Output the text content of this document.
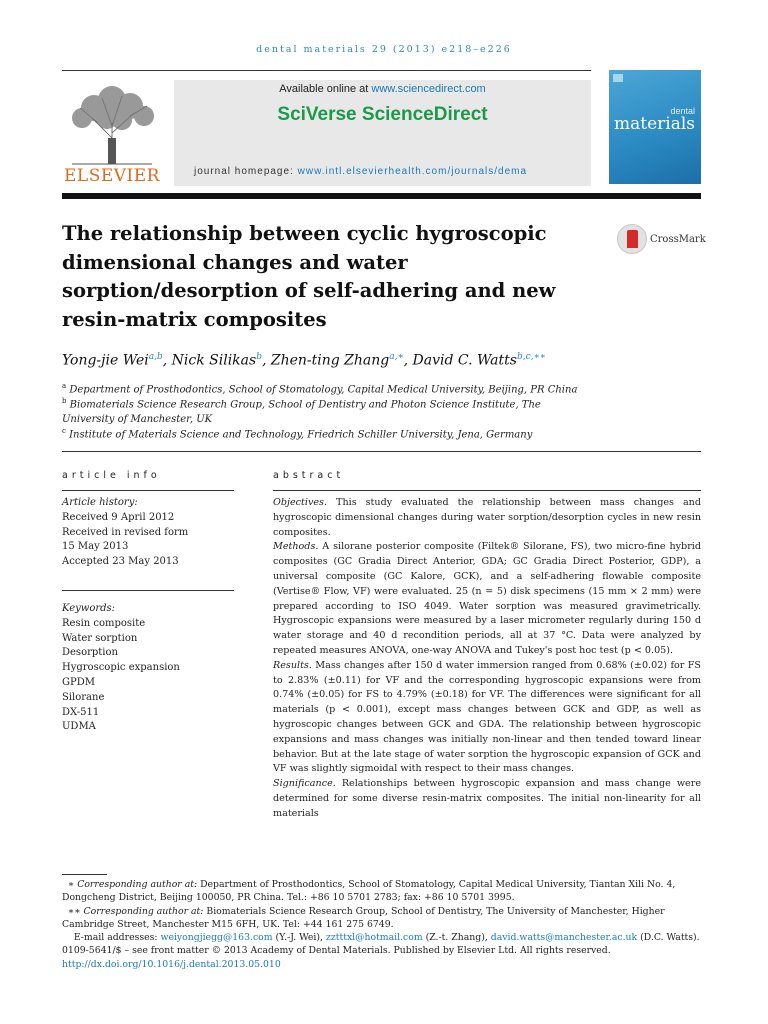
dental materials 29 (2013) e218–e226
ELSEVIER
Available online at www.sciencedirect.com
SciVerse ScienceDirect
journal homepage: www.intl.elsevierhealth.com/journals/dema
dental
materials
The relationship between cyclic hygroscopic dimensional changes and water sorption/desorption of self-adhering and new resin-matrix composites
CrossMark
Yong-jie Wei$^{a,b}$, Nick Silikas$^b$, Zhen-ting Zhang$^{a,∗}$, David C. Watts$^{b,c,∗∗}$
$^a$ Department of Prosthodontics, School of Stomatology, Capital Medical University, Beijing, PR China
$^b$ Biomaterials Science Research Group, School of Dentistry and Photon Science Institute, The University of Manchester, UK
$^c$ Institute of Materials Science and Technology, Friedrich Schiller University, Jena, Germany
article info	abstract
Article history:
Received 9 April 2012
Received in revised form
15 May 2013
Accepted 23 May 2013
Keywords:
Resin composite
Water sorption
Desorption
Hygroscopic expansion
GPDM
Silorane
DX-511
UDMA

Objectives. This study evaluated the relationship between mass changes and hygroscopic dimensional changes during water sorption/desorption cycles in new resin composites.

Methods. A silorane posterior composite (Filtek® Silorane, FS), two micro-fine hybrid composites (GC Gradia Direct Anterior, GDA; GC Gradia Direct Posterior, GDP), a universal composite (GC Kalore, GCK), and a self-adhering flowable composite (Vertise® Flow, VF) were evaluated. 25 (n = 5) disk specimens (15 mm × 2 mm) were prepared according to ISO 4049. Water sorption was measured gravimetrically. Hygroscopic expansions were measured by a laser micrometer regularly during 150 d water storage and 40 d recondition periods, all at 37 °C. Data were analyzed by repeated measures ANOVA, one-way ANOVA and Tukey's post hoc test (p < 0.05).

Results. Mass changes after 150 d water immersion ranged from 0.68% (±0.02) for FS to 2.83% (±0.11) for VF and the corresponding hygroscopic expansions were from 0.74% (±0.05) for FS to 4.79% (±0.18) for VF. The differences were significant for all materials (p < 0.001), except mass changes between GCK and GDP, as well as hygroscopic changes between GCK and GDA. The relationship between hygroscopic expansions and mass changes was initially non-linear and then tended toward linear behavior. But at the late stage of water sorption the hygroscopic expansion of GCK and VF was slightly sigmoidal with respect to their mass changes.

Significance. Relationships between hygroscopic expansion and mass change were determined for some diverse resin-matrix composites. The initial non-linearity for all materials

∗ Corresponding author at: Department of Prosthodontics, School of Stomatology, Capital Medical University, Tiantan Xili No. 4, Dongcheng District, Beijing 100050, PR China. Tel.: +86 10 5701 2783; fax: +86 10 5701 3995.
∗∗ Corresponding author at: Biomaterials Science Research Group, School of Dentistry, The University of Manchester, Higher Cambridge Street, Manchester M15 6FH, UK. Tel: +44 161 275 6749.
E-mail addresses: weiyongjiegg@163.com (Y.-J. Wei), zztttxl@hotmail.com (Z.-t. Zhang), david.watts@manchester.ac.uk (D.C. Watts).
0109-5641/$ – see front matter © 2013 Academy of Dental Materials. Published by Elsevier Ltd. All rights reserved.
http://dx.doi.org/10.1016/j.dental.2013.05.010
